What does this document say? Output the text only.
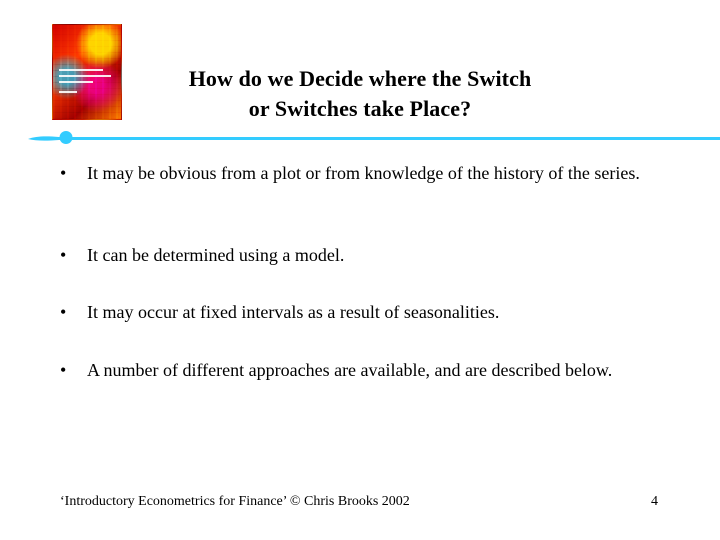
How do we Decide where the Switch
or Switches take Place?
•	It may be obvious from a plot or from knowledge of the history of the series.
•	It can be determined using a model.
•	It may occur at fixed intervals as a result of seasonalities.
•	A number of different approaches are available, and are described below.
‘Introductory Econometrics for Finance’ © Chris Brooks 2002	4
